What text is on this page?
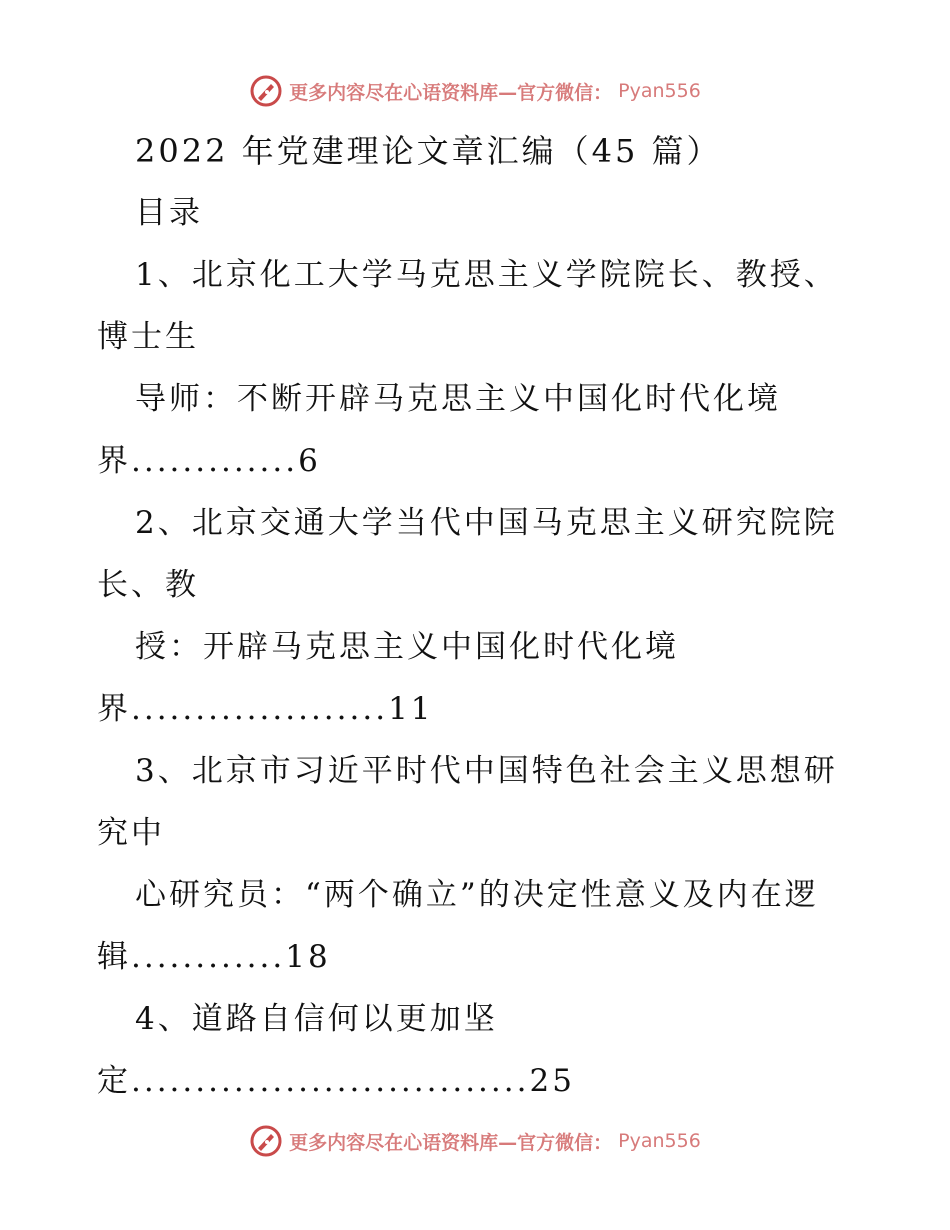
更多内容尽在心语资料库—官方微信： Pyan556
2022 年党建理论文章汇编（45 篇）
目录
1、北京化工大学马克思主义学院院长、教授、
博士生
导师：不断开辟马克思主义中国化时代化境
界.............6
2、北京交通大学当代中国马克思主义研究院院
长、教
授：开辟马克思主义中国化时代化境
界....................11
3、北京市习近平时代中国特色社会主义思想研
究中
心研究员：“两个确立”的决定性意义及内在逻
辑............18
4、道路自信何以更加坚
定...............................25
更多内容尽在心语资料库—官方微信： Pyan556
